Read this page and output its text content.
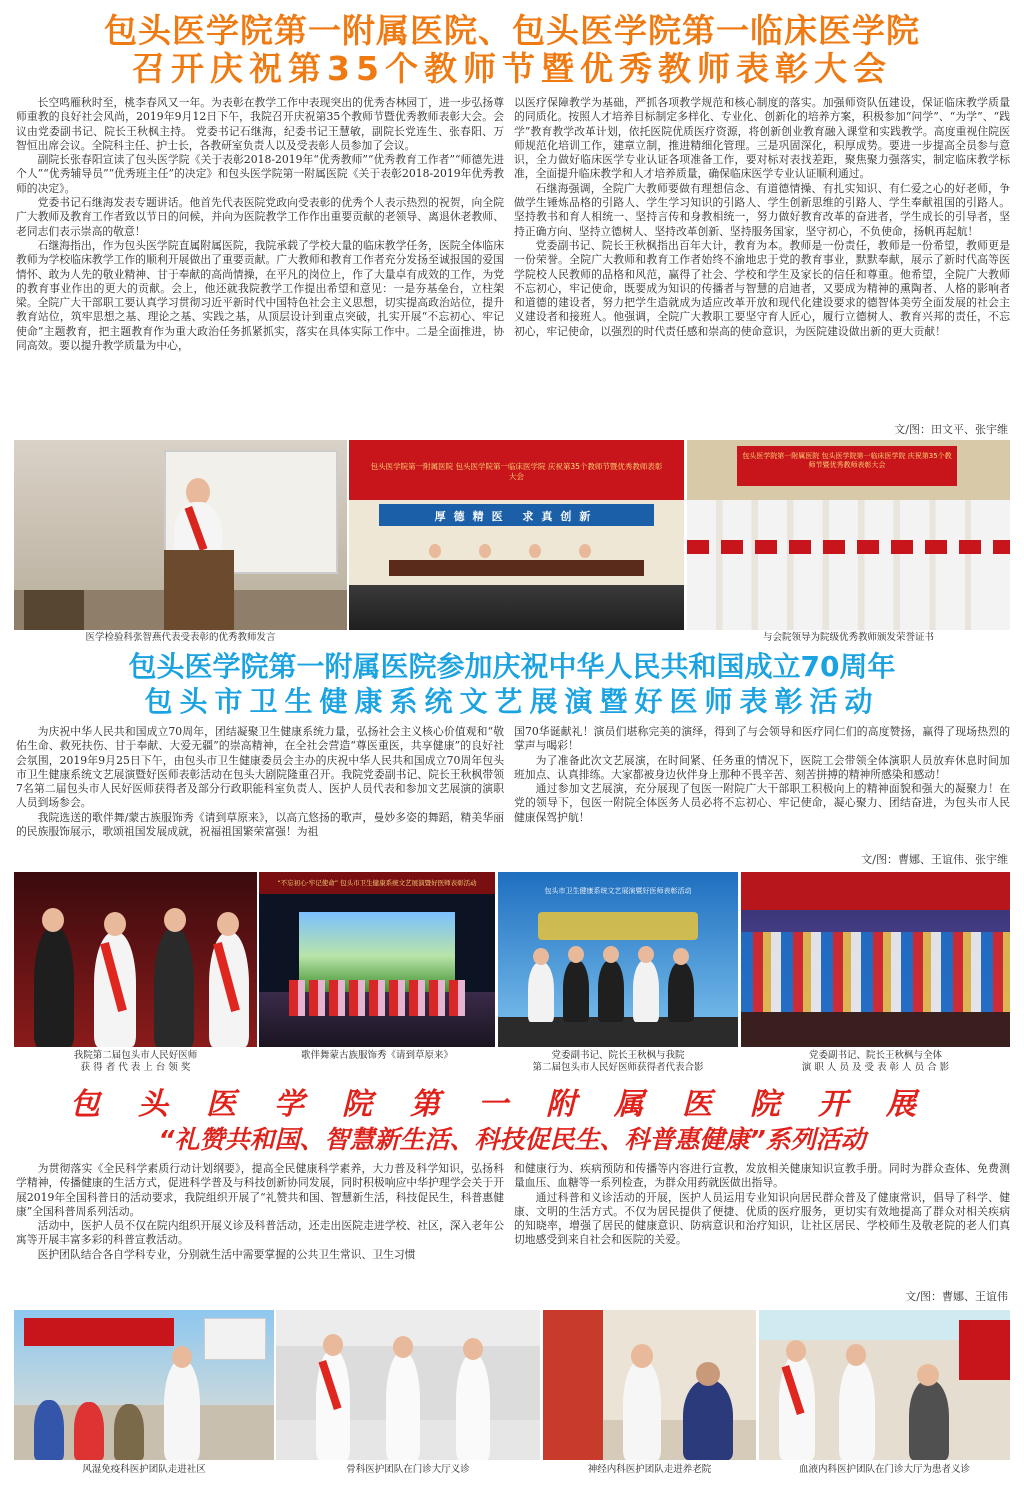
包头医学院第一附属医院、包头医学院第一临床医学院
召开庆祝第35个教师节暨优秀教师表彰大会

长空鸣雁秋时至，桃李春风又一年。为表彰在教学工作中表现突出的优秀杏林园丁，进一步弘扬尊师重教的良好社会风尚，2019年9月12日下午，我院召开庆祝第35个教师节暨优秀教师表彰大会。会议由党委副书记、院长王秋枫主持。 党委书记石继海，纪委书记王慧敏，副院长党连生、张春阳、万智恒出席会议。全院科主任、护士长，各教研室负责人以及受表彰人员参加了会议。

副院长张春阳宣读了包头医学院《关于表彰2018-2019年“优秀教师”“优秀教育工作者”“师德先进个人”“优秀辅导员”“优秀班主任”的决定》和包头医学院第一附属医院《关于表彰2018-2019年优秀教师的决定》。

党委书记石继海发表专题讲话。他首先代表医院党政向受表彰的优秀个人表示热烈的祝贺，向全院广大教师及教育工作者致以节日的问候，并向为医院教学工作作出重要贡献的老领导、离退休老教师、老同志们表示崇高的敬意！

石继海指出，作为包头医学院直属附属医院，我院承载了学校大量的临床教学任务，医院全体临床教师为学校临床教学工作的顺利开展做出了重要贡献。广大教师和教育工作者充分发扬至诚报国的爱国情怀、敢为人先的敬业精神、甘于奉献的高尚情操，在平凡的岗位上，作了大量卓有成效的工作，为党的教育事业作出的更大的贡献。会上，他还就我院教学工作提出希望和意见：一是夯基垒台，立柱架梁。全院广大干部职工要认真学习贯彻习近平新时代中国特色社会主义思想，切实提高政治站位，提升教育站位，筑牢思想之基、理论之基、实践之基，从顶层设计到重点突破，扎实开展“不忘初心、牢记使命”主题教育，把主题教育作为重大政治任务抓紧抓实，落实在具体实际工作中。二是全面推进，协同高效。要以提升教学质量为中心，

以医疗保障教学为基础，严抓各项教学规范和核心制度的落实。加强师资队伍建设，保证临床教学质量的同质化。按照人才培养目标制定多样化、专业化、创新化的培养方案，积极参加“问学”、“为学”、“践学”教育教学改革计划，依托医院优质医疗资源，将创新创业教育融入课堂和实践教学。高度重视住院医师规范化培训工作，建章立制，推进精细化管理。三是巩固深化，积厚成势。要进一步提高全员参与意识，全力做好临床医学专业认证各项准备工作，要对标对表找差距，聚焦聚力强落实，制定临床教学标准，全面提升临床教学和人才培养质量，确保临床医学专业认证顺利通过。

石继海强调，全院广大教师要做有理想信念、有道德情操、有扎实知识、有仁爱之心的好老师，争做学生锤炼品格的引路人、学生学习知识的引路人、学生创新思维的引路人、学生奉献祖国的引路人。坚持教书和育人相统一、坚持言传和身教相统一，努力做好教育改革的奋进者，学生成长的引导者，坚持正确方向、坚持立德树人、坚持改革创新、坚持服务国家，坚守初心，不负使命，扬帆再起航！

党委副书记、院长王秋枫指出百年大计，教育为本。教师是一份责任，教师是一份希望，教师更是一份荣誉。全院广大教师和教育工作者始终不渝地忠于党的教育事业，默默奉献，展示了新时代高等医学院校人民教师的品格和风范，赢得了社会、学校和学生及家长的信任和尊重。他希望，全院广大教师不忘初心，牢记使命，既要成为知识的传播者与智慧的启迪者，又要成为精神的熏陶者、人格的影响者和道德的建设者，努力把学生造就成为适应改革开放和现代化建设要求的德智体美劳全面发展的社会主义建设者和接班人。他强调，全院广大教职工要坚守育人匠心，履行立德树人、教育兴邦的责任，不忘初心，牢记使命，以强烈的时代责任感和崇高的使命意识，为医院建设做出新的更大贡献！

文/图：田文平、张宇维
包头医学院第一附属医院 包头医学院第一临床医学院 庆祝第35个教师节暨优秀教师表彰大会
厚德精医 求真创新
包头医学院第一附属医院 包头医学院第一临床医学院 庆祝第35个教师节暨优秀教师表彰大会
医学检验科张智燕代表受表彰的优秀教师发言	与会院领导为院级优秀教师颁发荣誉证书
包头医学院第一附属医院参加庆祝中华人民共和国成立70周年
包头市卫生健康系统文艺展演暨好医师表彰活动

为庆祝中华人民共和国成立70周年，团结凝聚卫生健康系统力量，弘扬社会主义核心价值观和“敬佑生命、救死扶伤、甘于奉献、大爱无疆”的崇高精神，在全社会营造“尊医重医，共享健康”的良好社会氛围，2019年9月25日下午，由包头市卫生健康委员会主办的庆祝中华人民共和国成立70周年包头市卫生健康系统文艺展演暨好医师表彰活动在包头大剧院隆重召开。我院党委副书记、院长王秋枫带领7名第二届包头市人民好医师获得者及部分行政职能科室负责人、医护人员代表和参加文艺展演的演职人员到场参会。

我院选送的歌伴舞/蒙古族服饰秀《请到草原来》，以高亢悠扬的歌声，曼妙多姿的舞蹈，精美华丽的民族服饰展示，歌颂祖国发展成就，祝福祖国繁荣富强！为祖

国70华诞献礼！演员们堪称完美的演绎，得到了与会领导和医疗同仁们的高度赞扬，赢得了现场热烈的掌声与喝彩！

为了准备此次文艺展演，在时间紧、任务重的情况下，医院工会带领全体演职人员放弃休息时间加班加点、认真排练。大家都被身边伙伴身上那种不畏辛苦、刻苦拼搏的精神所感染和感动！

通过参加文艺展演，充分展现了包医一附院广大干部职工积极向上的精神面貌和强大的凝聚力！在党的领导下，包医一附院全体医务人员必将不忘初心、牢记使命，凝心聚力、团结奋进，为包头市人民健康保驾护航！

文/图：曹娜、王谊伟、张宇维
“不忘初心·牢记使命” 包头市卫生健康系统文艺展演暨好医师表彰活动
包头市卫生健康系统文艺展演暨好医师表彰活动
我院第二届包头市人民好医师
获 得 者 代 表 上 台 领 奖
歌伴舞蒙古族服饰秀《请到草原来》	党委副书记、院长王秋枫与我院
第二届包头市人民好医师获得者代表合影
党委副书记、院长王秋枫与全体
演 职 人 员 及 受 表 彰 人 员 合 影
包头医学院第一附属医院开展
“礼赞共和国、智慧新生活、科技促民生、科普惠健康”系列活动

为贯彻落实《全民科学素质行动计划纲要》，提高全民健康科学素养，大力普及科学知识，弘扬科学精神，传播健康的生活方式，促进科学普及与科技创新协同发展，同时积极响应中华护理学会关于开展2019年全国科普日的活动要求，我院组织开展了“礼赞共和国、智慧新生活，科技促民生，科普惠健康”全国科普周系列活动。

活动中，医护人员不仅在院内组织开展义诊及科普活动，还走出医院走进学校、社区，深入老年公寓等开展丰富多彩的科普宣教活动。

医护团队结合各自学科专业，分别就生活中需要掌握的公共卫生常识、卫生习惯

和健康行为、疾病预防和传播等内容进行宣教，发放相关健康知识宣教手册。同时为群众查体、免费测量血压、血糖等一系列检查，为群众用药就医做出指导。

通过科普和义诊活动的开展，医护人员运用专业知识向居民群众普及了健康常识，倡导了科学、健康、文明的生活方式。不仅为居民提供了便捷、优质的医疗服务，更切实有效地提高了群众对相关疾病的知晓率，增强了居民的健康意识、防病意识和治疗知识，让社区居民、学校师生及敬老院的老人们真切地感受到来自社会和医院的关爱。

文/图：曹娜、王谊伟
风湿免疫科医护团队走进社区	骨科医护团队在门诊大厅义诊	神经内科医护团队走进养老院	血液内科医护团队在门诊大厅为患者义诊
